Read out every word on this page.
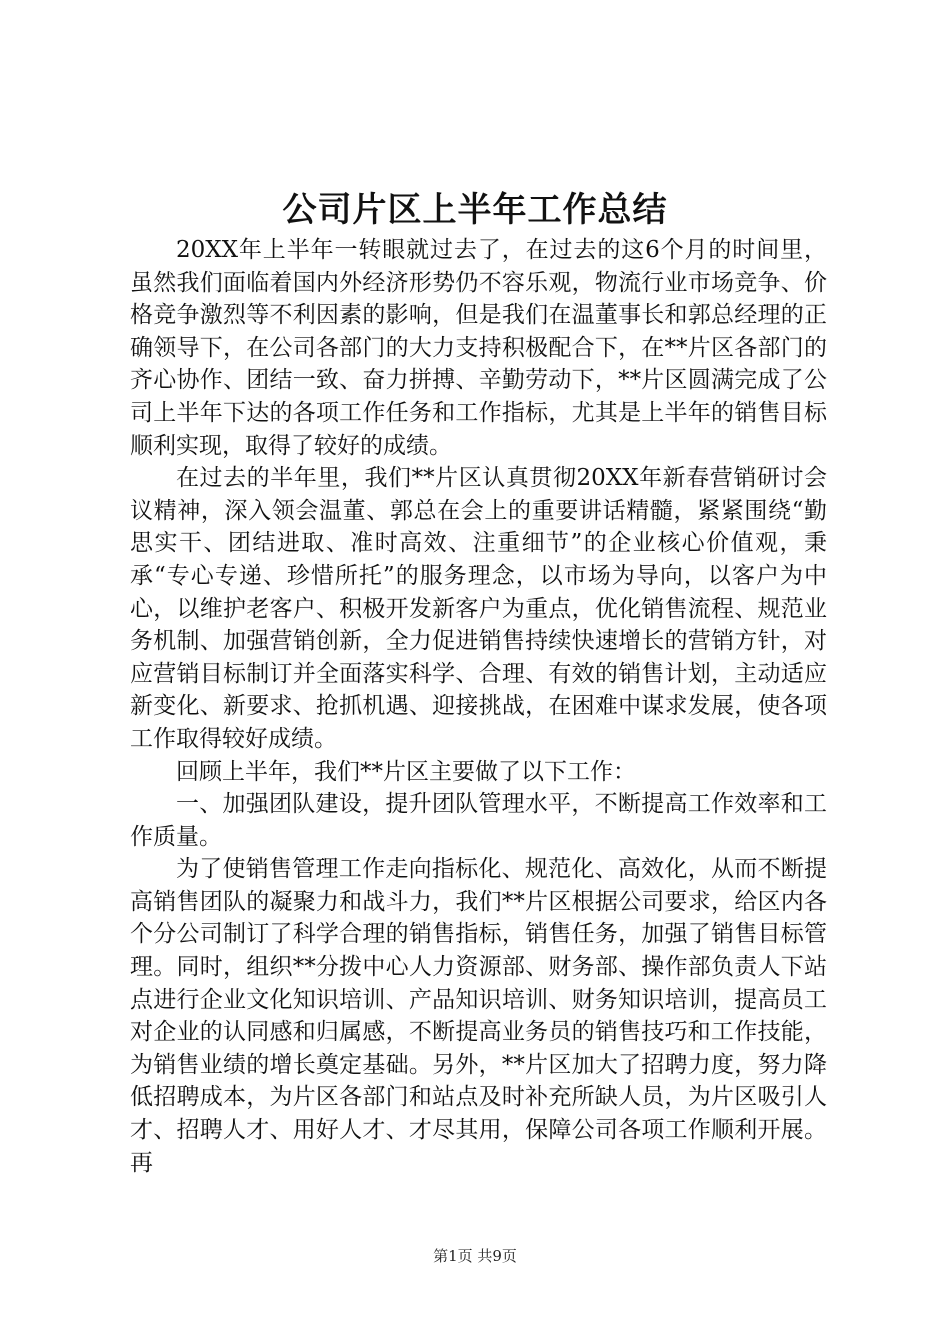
公司片区上半年工作总结

20XX年上半年一转眼就过去了，在过去的这6个月的时间里，虽然我们面临着国内外经济形势仍不容乐观，物流行业市场竞争、价格竞争激烈等不利因素的影响，但是我们在温董事长和郭总经理的正确领导下，在公司各部门的大力支持积极配合下，在**片区各部门的齐心协作、团结一致、奋力拼搏、辛勤劳动下，**片区圆满完成了公司上半年下达的各项工作任务和工作指标，尤其是上半年的销售目标顺利实现，取得了较好的成绩。

在过去的半年里，我们**片区认真贯彻20XX年新春营销研讨会议精神，深入领会温董、郭总在会上的重要讲话精髓，紧紧围绕“勤思实干、团结进取、准时高效、注重细节”的企业核心价值观，秉承“专心专递、珍惜所托”的服务理念，以市场为导向，以客户为中心，以维护老客户、积极开发新客户为重点，优化销售流程、规范业务机制、加强营销创新，全力促进销售持续快速增长的营销方针，对应营销目标制订并全面落实科学、合理、有效的销售计划，主动适应新变化、新要求、抢抓机遇、迎接挑战，在困难中谋求发展，使各项工作取得较好成绩。

回顾上半年，我们**片区主要做了以下工作：

一、加强团队建设，提升团队管理水平，不断提高工作效率和工作质量。

为了使销售管理工作走向指标化、规范化、高效化，从而不断提高销售团队的凝聚力和战斗力，我们**片区根据公司要求，给区内各个分公司制订了科学合理的销售指标，销售任务，加强了销售目标管理。同时，组织**分拨中心人力资源部、财务部、操作部负责人下站点进行企业文化知识培训、产品知识培训、财务知识培训，提高员工对企业的认同感和归属感，不断提高业务员的销售技巧和工作技能，为销售业绩的增长奠定基础。另外，**片区加大了招聘力度，努力降低招聘成本，为片区各部门和站点及时补充所缺人员，为片区吸引人才、招聘人才、用好人才、才尽其用，保障公司各项工作顺利开展。再

第1页 共9页
